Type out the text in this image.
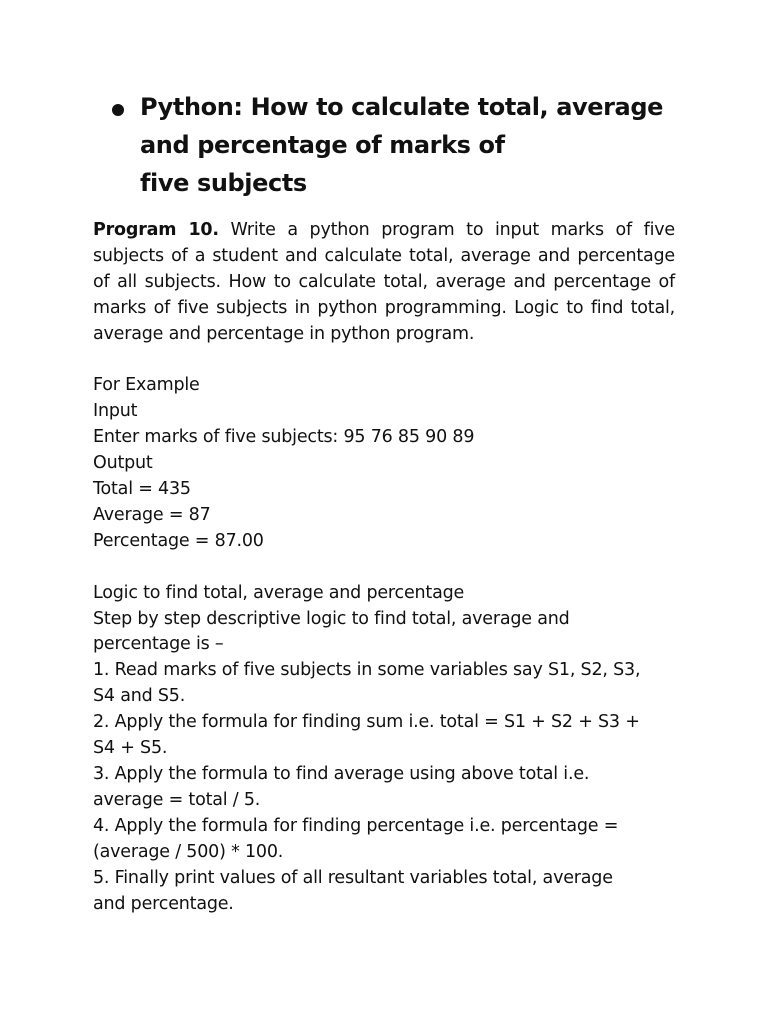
Python: How to calculate total, average
and percentage of marks of
five subjects

Program 10. Write a python program to input marks of five subjects of a student and calculate total, average and percentage of all subjects. How to calculate total, average and percentage of marks of five subjects in python programming. Logic to find total, average and percentage in python program.

For Example
Input
Enter marks of five subjects: 95 76 85 90 89
Output
Total = 435
Average = 87
Percentage = 87.00
Logic to find total, average and percentage
Step by step descriptive logic to find total, average and
percentage is –
1. Read marks of five subjects in some variables say S1, S2, S3,
S4 and S5.
2. Apply the formula for finding sum i.e. total = S1 + S2 + S3 +
S4 + S5.
3. Apply the formula to find average using above total i.e.
average = total / 5.
4. Apply the formula for finding percentage i.e. percentage =
(average / 500) * 100.
5. Finally print values of all resultant variables total, average
and percentage.
